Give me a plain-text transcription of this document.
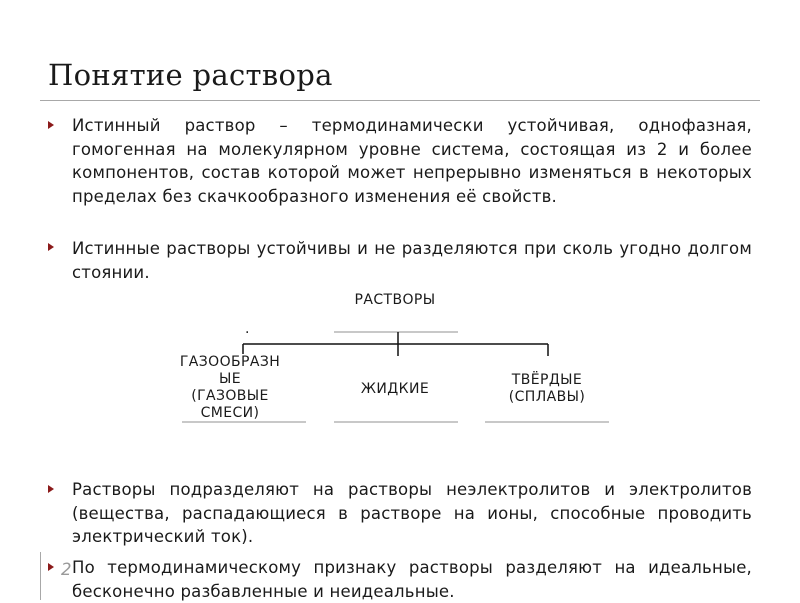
Понятие раствора

Истинный раствор – термодинамически устойчивая, однофазная, гомогенная на молекулярном уровне система, состоящая из 2 и более компонентов, состав которой может непрерывно изменяться в некоторых пределах без скачкообразного изменения её свойств.

Истинные растворы устойчивы и не разделяются при сколь угодно долгом стоянии.

Растворы подразделяют на растворы неэлектролитов и электролитов (вещества, распадающиеся в растворе на ионы, способные проводить электрический ток).

2 По термодинамическому признаку растворы разделяют на идеальные, бесконечно разбавленные и неидеальные.

РАСТВОРЫ
.
ГАЗООБРАЗН
ЫЕ
(ГАЗОВЫЕ
СМЕСИ)
ЖИДКИЕ
ТВЁРДЫЕ
(СПЛАВЫ)
